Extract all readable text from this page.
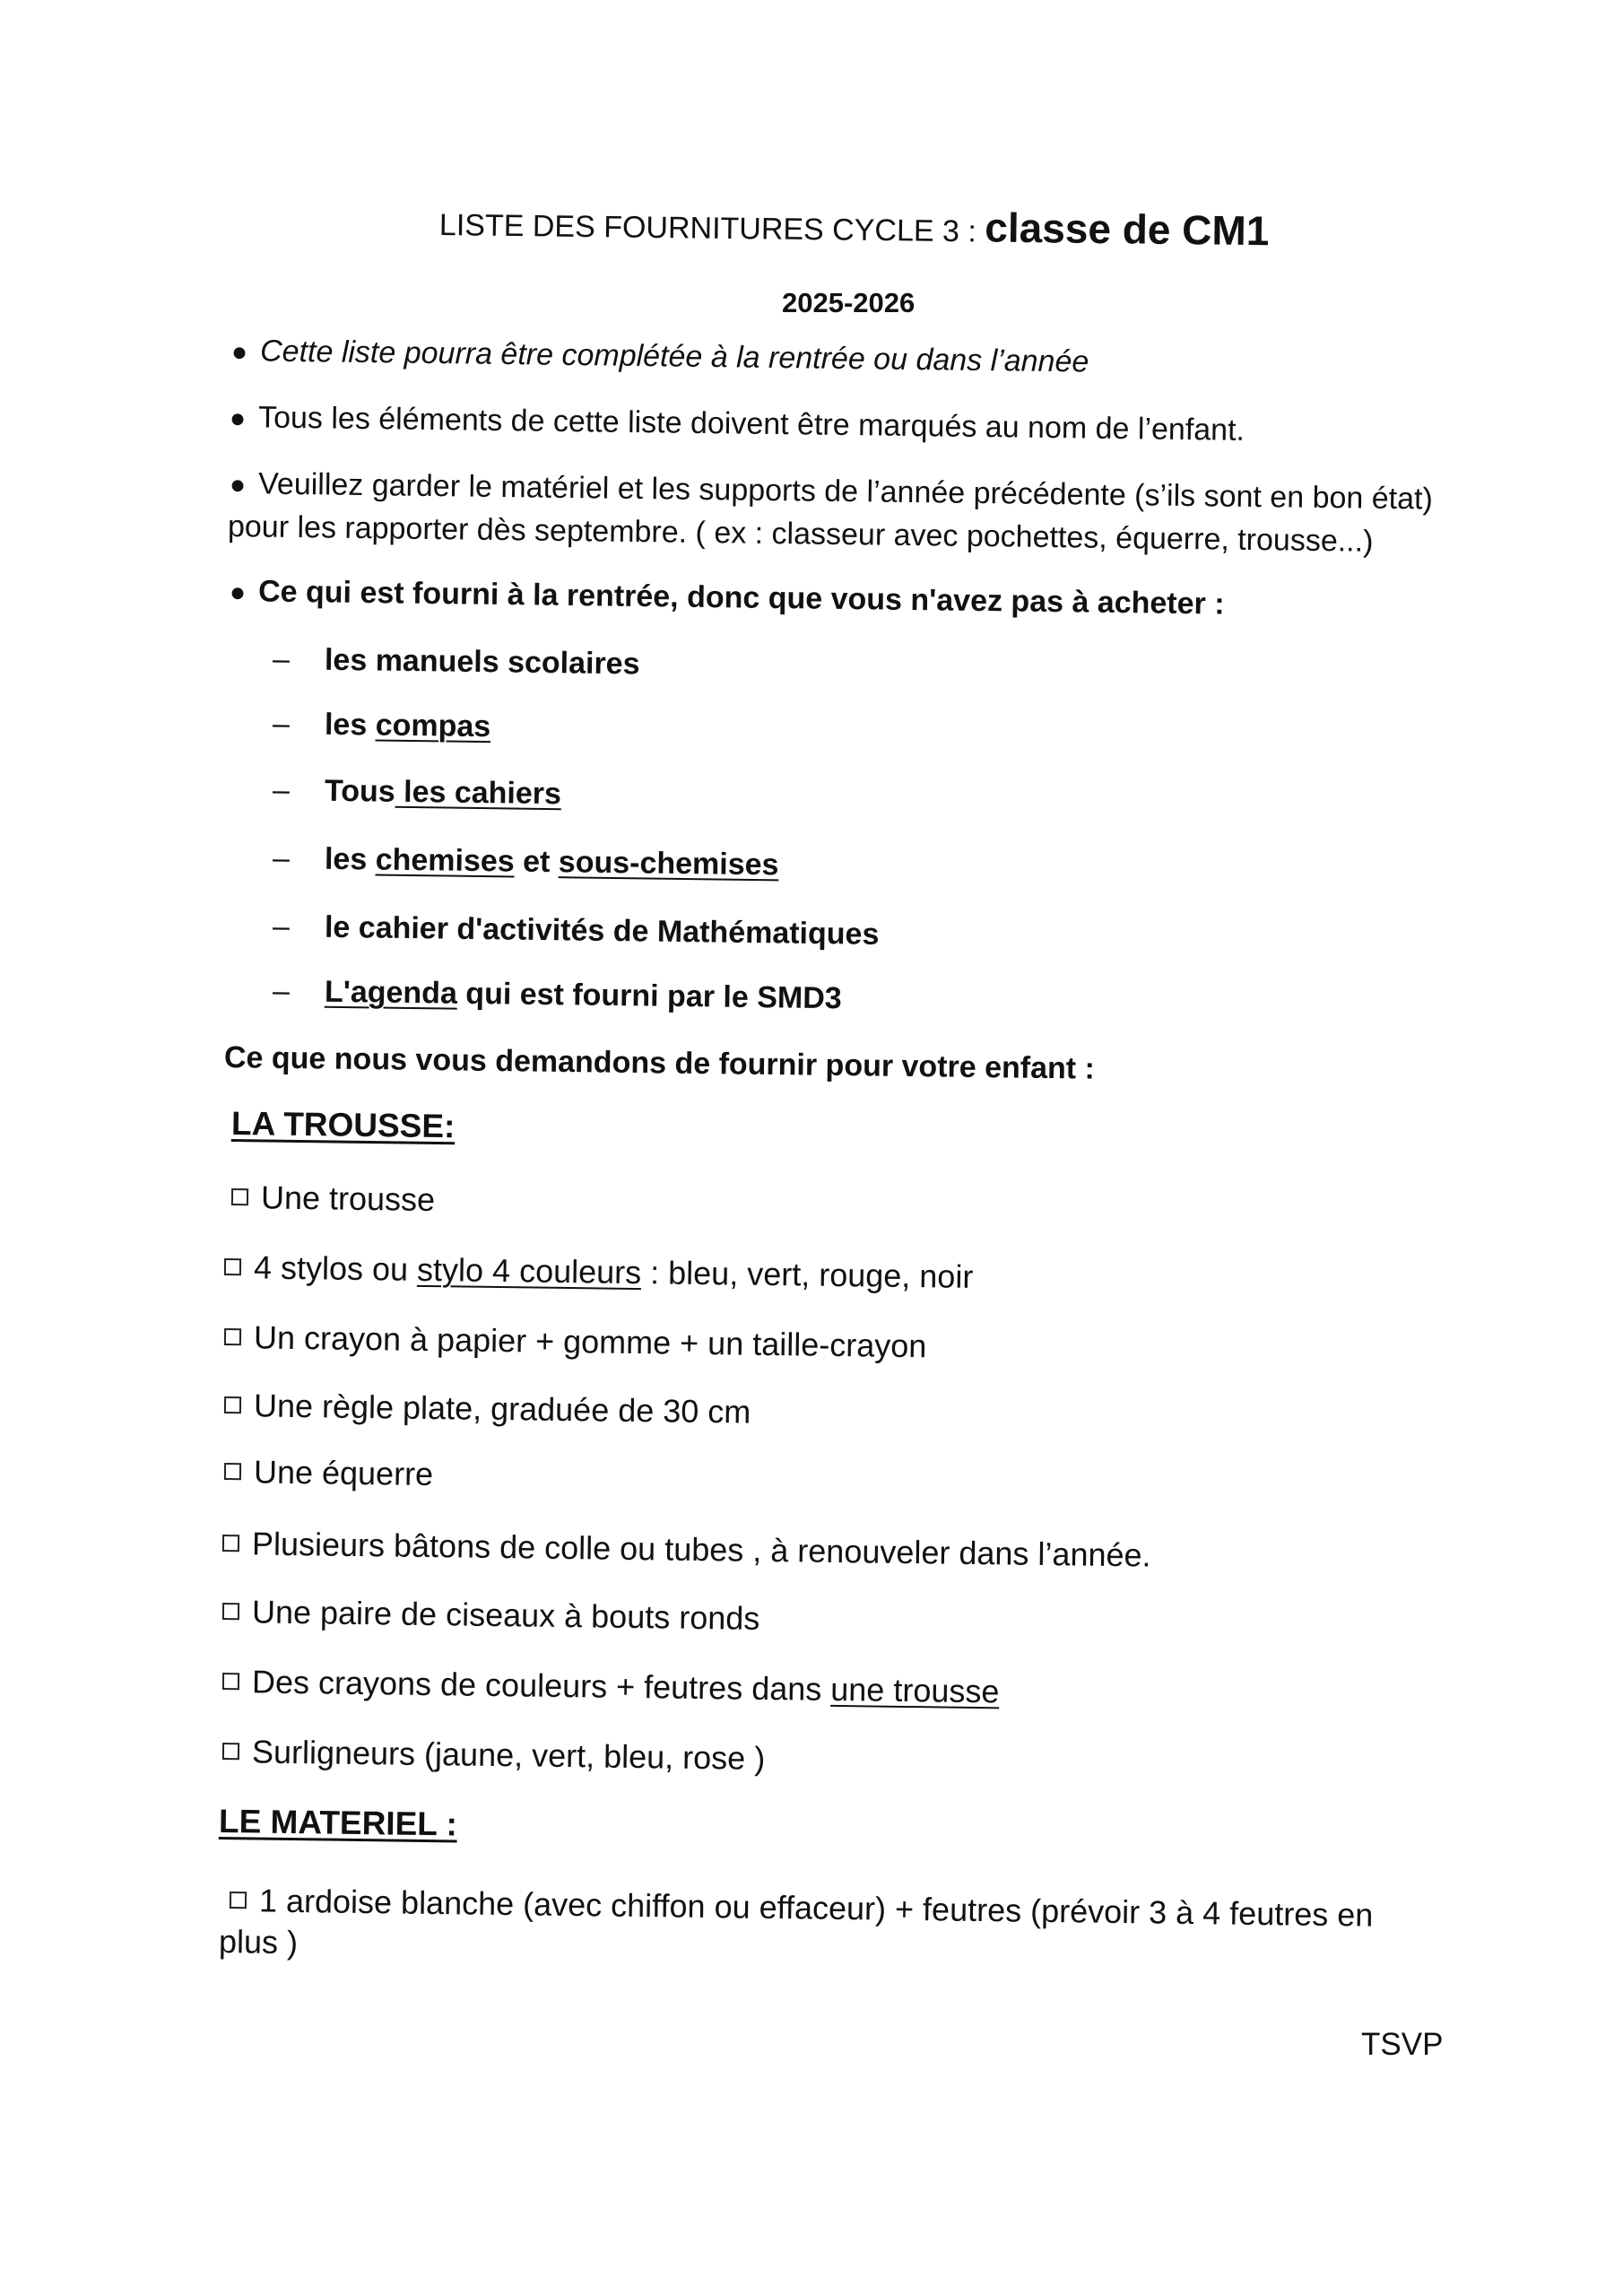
LISTE DES FOURNITURES CYCLE 3 : classe de CM1
2025-2026
● Cette liste pourra être complétée à la rentrée ou dans l’année
● Tous les éléments de cette liste doivent être marqués au nom de l’enfant.
● Veuillez garder le matériel et les supports de l’année précédente (s’ils sont en bon état)
pour les rapporter dès septembre. ( ex : classeur avec pochettes, équerre, trousse...)
● Ce qui est fourni à la rentrée, donc que vous n'avez pas à acheter :
– les manuels scolaires
– les compas
– Tous les cahiers
– les chemises et sous-chemises
– le cahier d'activités de Mathématiques
– L'agenda qui est fourni par le SMD3
Ce que nous vous demandons de fournir pour votre enfant :
LA TROUSSE:
Une trousse
4 stylos ou stylo 4 couleurs : bleu, vert, rouge, noir
Un crayon à papier + gomme + un taille-crayon
Une règle plate, graduée de 30 cm
Une équerre
Plusieurs bâtons de colle ou tubes , à renouveler dans l’année.
Une paire de ciseaux à bouts ronds
Des crayons de couleurs + feutres dans une trousse
Surligneurs (jaune, vert, bleu, rose )
LE MATERIEL :
1 ardoise blanche (avec chiffon ou effaceur) + feutres (prévoir 3 à 4 feutres en
plus )
TSVP
